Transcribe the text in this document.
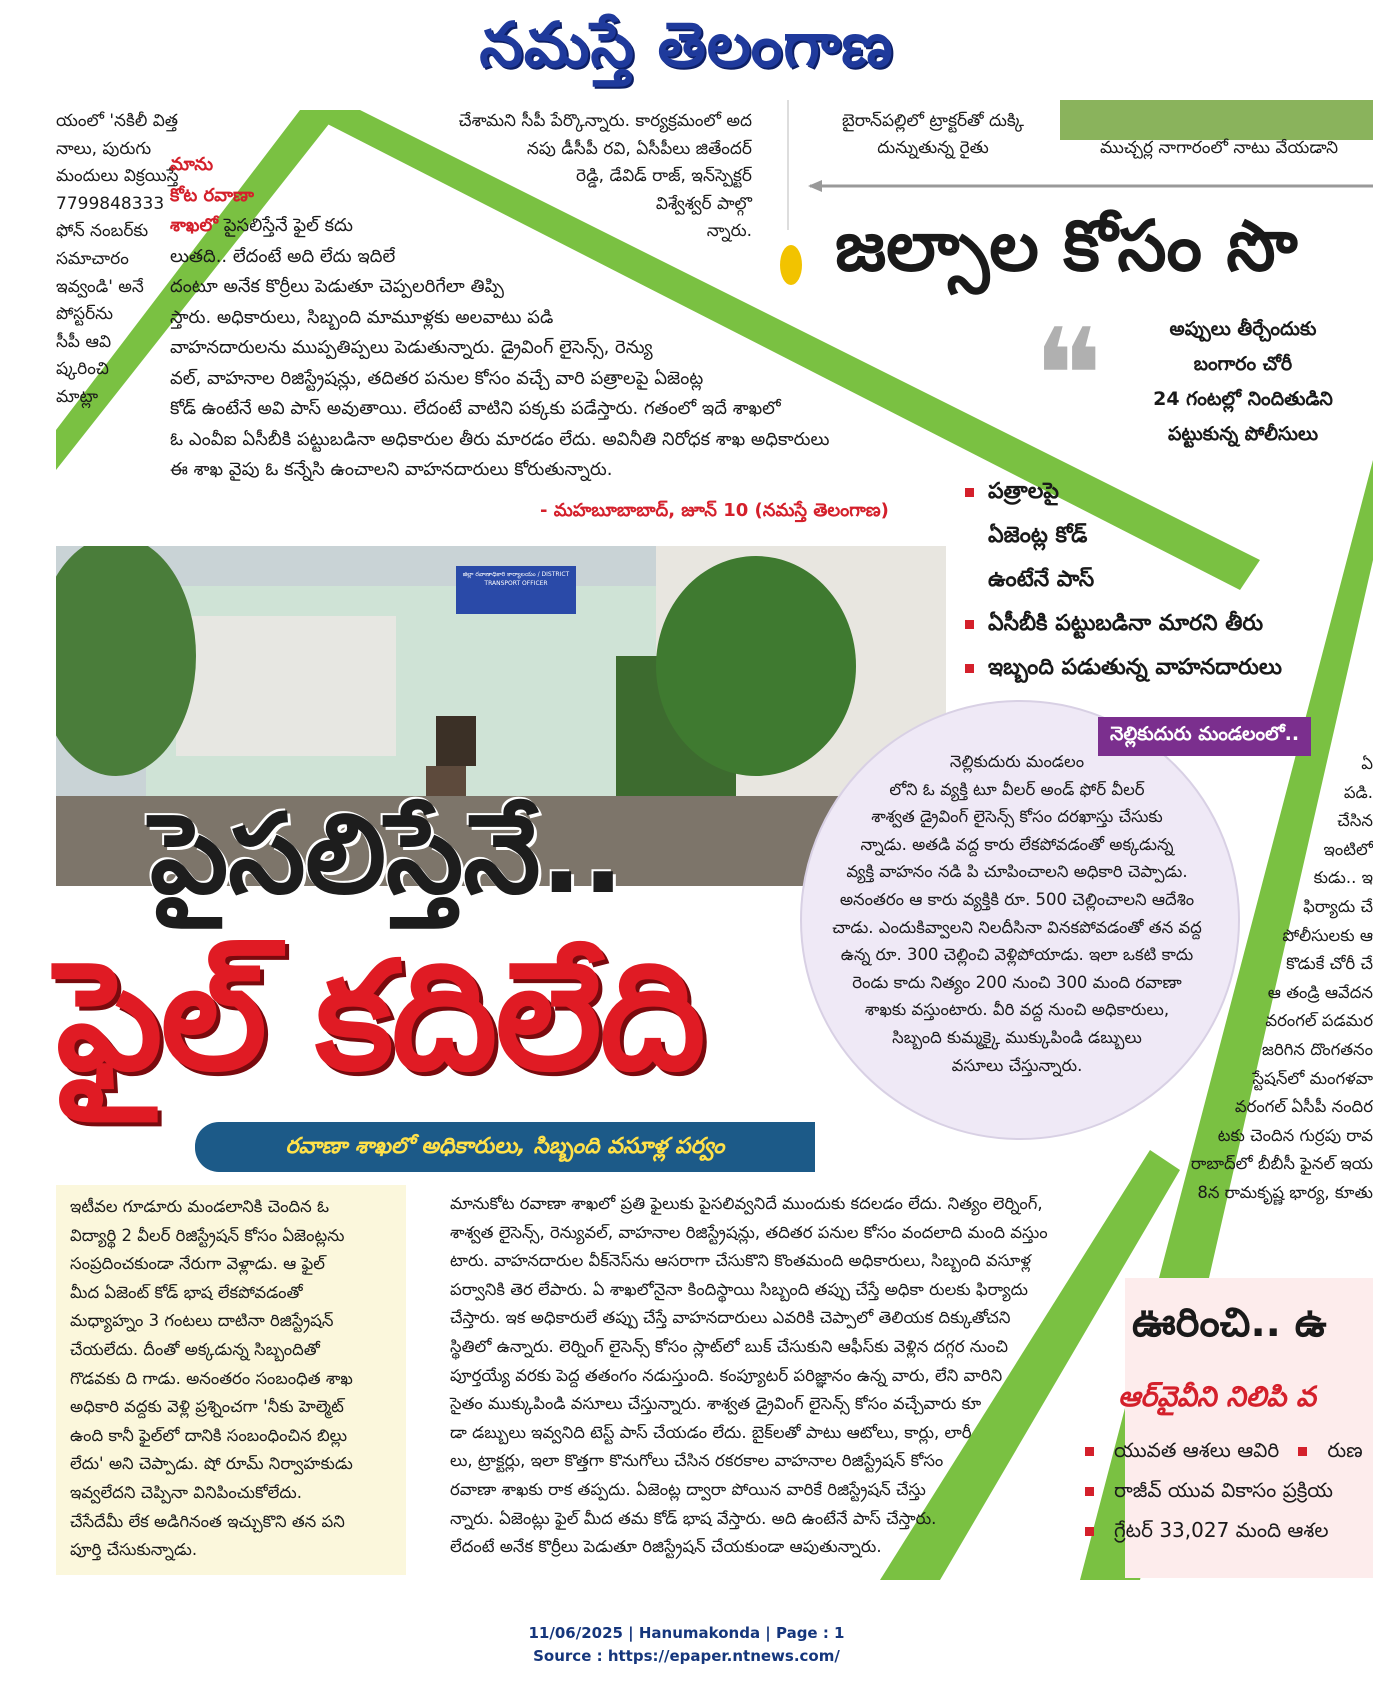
నమస్తే తెలంగాణ
యంలో 'నకిలీ విత్త
నాలు, పురుగు
మందులు విక్రయిస్తే
7799848333
ఫోన్ నంబర్‌కు
సమాచారం
ఇవ్వండి' అనే
పోస్టర్‌ను
సీపీ ఆవి
ష్కరించి
మాట్లా
చేశామని సీపీ పేర్కొన్నారు. కార్యక్రమంలో అద
నపు డీసీపీ రవి, ఏసీపీలు జితేందర్
రెడ్డి, డేవిడ్ రాజ్, ఇన్‌స్పెక్టర్
విశ్వేశ్వర్ పాల్గొ
న్నారు.
మాను
కోట రవాణా
శాఖలో పైసలిస్తేనే ఫైల్ కదు
లుతది.. లేదంటే అది లేదు ఇదిలే
దంటూ అనేక కొర్రీలు పెడుతూ చెప్పలరిగేలా తిప్పి
స్తారు. అధికారులు, సిబ్బంది మామూళ్లకు అలవాటు పడి
వాహనదారులను ముప్పతిప్పలు పెడుతున్నారు. డ్రైవింగ్ లైసెన్స్, రెన్యు
వల్, వాహనాల రిజిస్ట్రేషన్లు, తదితర పనుల కోసం వచ్చే వారి పత్రాలపై ఏజెంట్ల
కోడ్ ఉంటేనే అవి పాస్ అవుతాయి. లేదంటే వాటిని పక్కకు పడేస్తారు. గతంలో ఇదే శాఖలో
ఓ ఎంవీఐ ఏసీబీకి పట్టుబడినా అధికారుల తీరు మారడం లేదు. అవినీతి నిరోధక శాఖ అధికారులు
ఈ శాఖ వైపు ఓ కన్నేసి ఉంచాలని వాహనదారులు కోరుతున్నారు.
- మహబూబాబాద్, జూన్ 10 (నమస్తే తెలంగాణ)
జిల్లా రవాణాధికారి కార్యాలయం / DISTRICT TRANSPORT OFFICER
పైసలిస్తేనే..
ఫైల్ కదిలేది
రవాణా శాఖలో అధికారులు, సిబ్బంది వసూళ్ల పర్వం
ఇటీవల గూడూరు మండలానికి చెందిన ఓ
విద్యార్థి 2 వీలర్ రిజిస్ట్రేషన్ కోసం ఏజెంట్లను
సంప్రదించకుండా నేరుగా వెళ్లాడు. ఆ ఫైల్
మీద ఏజెంట్ కోడ్ భాష లేకపోవడంతో
మధ్యాహ్నం 3 గంటలు దాటినా రిజిస్ట్రేషన్
చేయలేదు. దీంతో అక్కడున్న సిబ్బందితో
గొడవకు ది గాడు. అనంతరం సంబంధిత శాఖ
అధికారి వద్దకు వెళ్లి ప్రశ్నించగా 'నీకు హెల్మెట్
ఉంది కానీ ఫైల్‌లో దానికి సంబంధించిన బిల్లు
లేదు' అని చెప్పాడు. షో రూమ్ నిర్వాహకుడు
ఇవ్వలేదని చెప్పినా వినిపించుకోలేదు.
చేసేదేమీ లేక అడిగినంత ఇచ్చుకొని తన పని
పూర్తి చేసుకున్నాడు.
మానుకోట రవాణా శాఖలో ప్రతి ఫైలుకు పైసలివ్వనిదే ముందుకు కదలడం లేదు. నిత్యం లెర్నింగ్,
శాశ్వత లైసెన్స్, రెన్యువల్, వాహనాల రిజిస్ట్రేషన్లు, తదితర పనుల కోసం వందలాది మంది వస్తుం
టారు. వాహనదారుల వీక్‌నెస్‌ను ఆసరాగా చేసుకొని కొంతమంది అధికారులు, సిబ్బంది వసూళ్ల
పర్వానికి తెర లేపారు. ఏ శాఖలోనైనా కిందిస్థాయి సిబ్బంది తప్పు చేస్తే అధికా రులకు ఫిర్యాదు
చేస్తారు. ఇక అధికారులే తప్పు చేస్తే వాహనదారులు ఎవరికి చెప్పాలో తెలియక దిక్కుతోచని
స్థితిలో ఉన్నారు. లెర్నింగ్ లైసెన్స్ కోసం స్లాట్‌లో బుక్ చేసుకుని ఆఫీస్‌కు వెళ్లిన దగ్గర నుంచి
పూర్తయ్యే వరకు పెద్ద తతంగం నడుస్తుంది. కంప్యూటర్ పరిజ్ఞానం ఉన్న వారు, లేని వారిని
సైతం ముక్కుపిండి వసూలు చేస్తున్నారు. శాశ్వత డ్రైవింగ్ లైసెన్స్ కోసం వచ్చేవారు కూ
డా డబ్బులు ఇవ్వనిది టెస్ట్ పాస్ చేయడం లేదు. బైక్‌లతో పాటు ఆటోలు, కార్లు, లారీ
లు, ట్రాక్టర్లు, ఇలా కొత్తగా కొనుగోలు చేసిన రకరకాల వాహనాల రిజిస్ట్రేషన్ కోసం
రవాణా శాఖకు రాక తప్పదు. ఏజెంట్ల ద్వారా పోయిన వారికే రిజిస్ట్రేషన్ చేస్తు
న్నారు. ఏజెంట్లు ఫైల్ మీద తమ కోడ్ భాష వేస్తారు. అది ఉంటేనే పాస్ చేస్తారు.
లేదంటే అనేక కొర్రీలు పెడుతూ రిజిస్ట్రేషన్ చేయకుండా ఆపుతున్నారు.
నెల్లికుదురు మండలంలో..
నెల్లికుదురు మండలం
లోని ఓ వ్యక్తి టూ వీలర్ అండ్ ఫోర్ వీలర్
శాశ్వత డ్రైవింగ్ లైసెన్స్ కోసం దరఖాస్తు చేసుకు
న్నాడు. అతడి వద్ద కారు లేకపోవడంతో అక్కడున్న
వ్యక్తి వాహనం నడి పి చూపించాలని అధికారి చెప్పాడు.
అనంతరం ఆ కారు వ్యక్తికి రూ. 500 చెల్లించాలని ఆదేశిం
చాడు. ఎందుకివ్వాలని నిలదీసినా వినకపోవడంతో తన వద్ద
ఉన్న రూ. 300 చెల్లించి వెళ్లిపోయాడు. ఇలా ఒకటి కాదు
రెండు కాదు నిత్యం 200 నుంచి 300 మంది రవాణా
శాఖకు వస్తుంటారు. వీరి వద్ద నుంచి అధికారులు,
సిబ్బంది కుమ్మక్కై ముక్కుపిండి డబ్బులు
వసూలు చేస్తున్నారు.
బైరాన్‌పల్లిలో ట్రాక్టర్‌తో దుక్కి
దున్నుతున్న రైతు	ముచ్చర్ల నాగారంలో నాటు వేయడాని
జల్సాల కోసం సొ
❝	అప్పులు తీర్చేందుకు
బంగారం చోరీ
24 గంటల్లో నిందితుడిని
పట్టుకున్న పోలీసులు
పత్రాలపై
ఏజెంట్ల కోడ్
ఉంటేనే పాస్
ఏసీబీకి పట్టుబడినా మారని తీరు
ఇబ్బంది పడుతున్న వాహనదారులు
ఏ
పడి.
చేసిన
ఇంటిలో
కుడు.. ఇ
ఫిర్యాదు చే
పోలీసులకు ఆ
కొడుకే చోరీ చే
ఆ తండ్రి ఆవేదన
వరంగల్ పడమర
జరిగిన దొంగతనం
స్టేషన్‌లో మంగళవా
వరంగల్ ఏసీపీ నందిర
టకు చెందిన గుర్రపు రావ
రాబాద్‌లో బీబీసీ ఫైనల్ ఇయ
8న రామకృష్ణ భార్య, కూతు
ఊరించి.. ఉ
ఆర్‌వైవీని నిలిపి వ
యువత ఆశలు ఆవిరి రుణ
రాజీవ్ యువ వికాసం ప్రక్రియ
గ్రేటర్ 33,027 మంది ఆశల
11/06/2025 | Hanumakonda | Page : 1
Source : https://epaper.ntnews.com/
